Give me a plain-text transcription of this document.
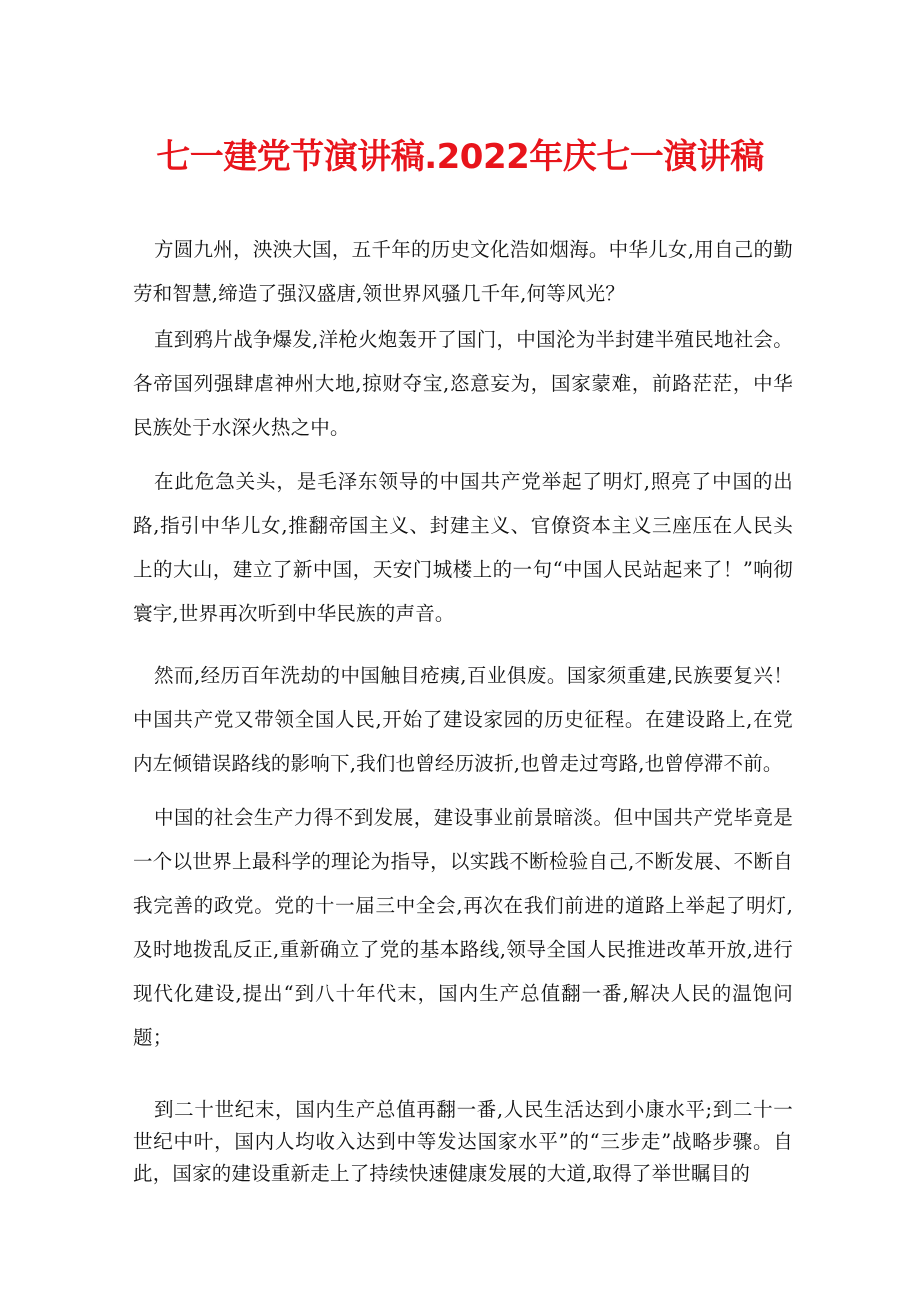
七一建党节演讲稿.2022年庆七一演讲稿

方圆九州，泱泱大国，五千年的历史文化浩如烟海。中华儿女,用自己的勤劳和智慧,缔造了强汉盛唐,领世界风骚几千年,何等风光？

直到鸦片战争爆发,洋枪火炮轰开了国门，中国沦为半封建半殖民地社会。各帝国列强肆虐神州大地,掠财夺宝,恣意妄为，国家蒙难，前路茫茫，中华民族处于水深火热之中。

在此危急关头，是毛泽东领导的中国共产党举起了明灯,照亮了中国的出路,指引中华儿女,推翻帝国主义、封建主义、官僚资本主义三座压在人民头上的大山，建立了新中国，天安门城楼上的一句“中国人民站起来了！”响彻寰宇,世界再次听到中华民族的声音。

然而,经历百年洗劫的中国触目疮痍,百业俱废。国家须重建,民族要复兴！中国共产党又带领全国人民,开始了建设家园的历史征程。在建设路上,在党内左倾错误路线的影响下,我们也曾经历波折,也曾走过弯路,也曾停滞不前。

中国的社会生产力得不到发展，建设事业前景暗淡。但中国共产党毕竟是一个以世界上最科学的理论为指导，以实践不断检验自己,不断发展、不断自我完善的政党。党的十一届三中全会,再次在我们前进的道路上举起了明灯,及时地拨乱反正,重新确立了党的基本路线,领导全国人民推进改革开放,进行现代化建设,提出“到八十年代末，国内生产总值翻一番,解决人民的温饱问题；

到二十世纪末，国内生产总值再翻一番,人民生活达到小康水平;到二十一世纪中叶，国内人均收入达到中等发达国家水平”的“三步走”战略步骤。自此，国家的建设重新走上了持续快速健康发展的大道,取得了举世瞩目的
